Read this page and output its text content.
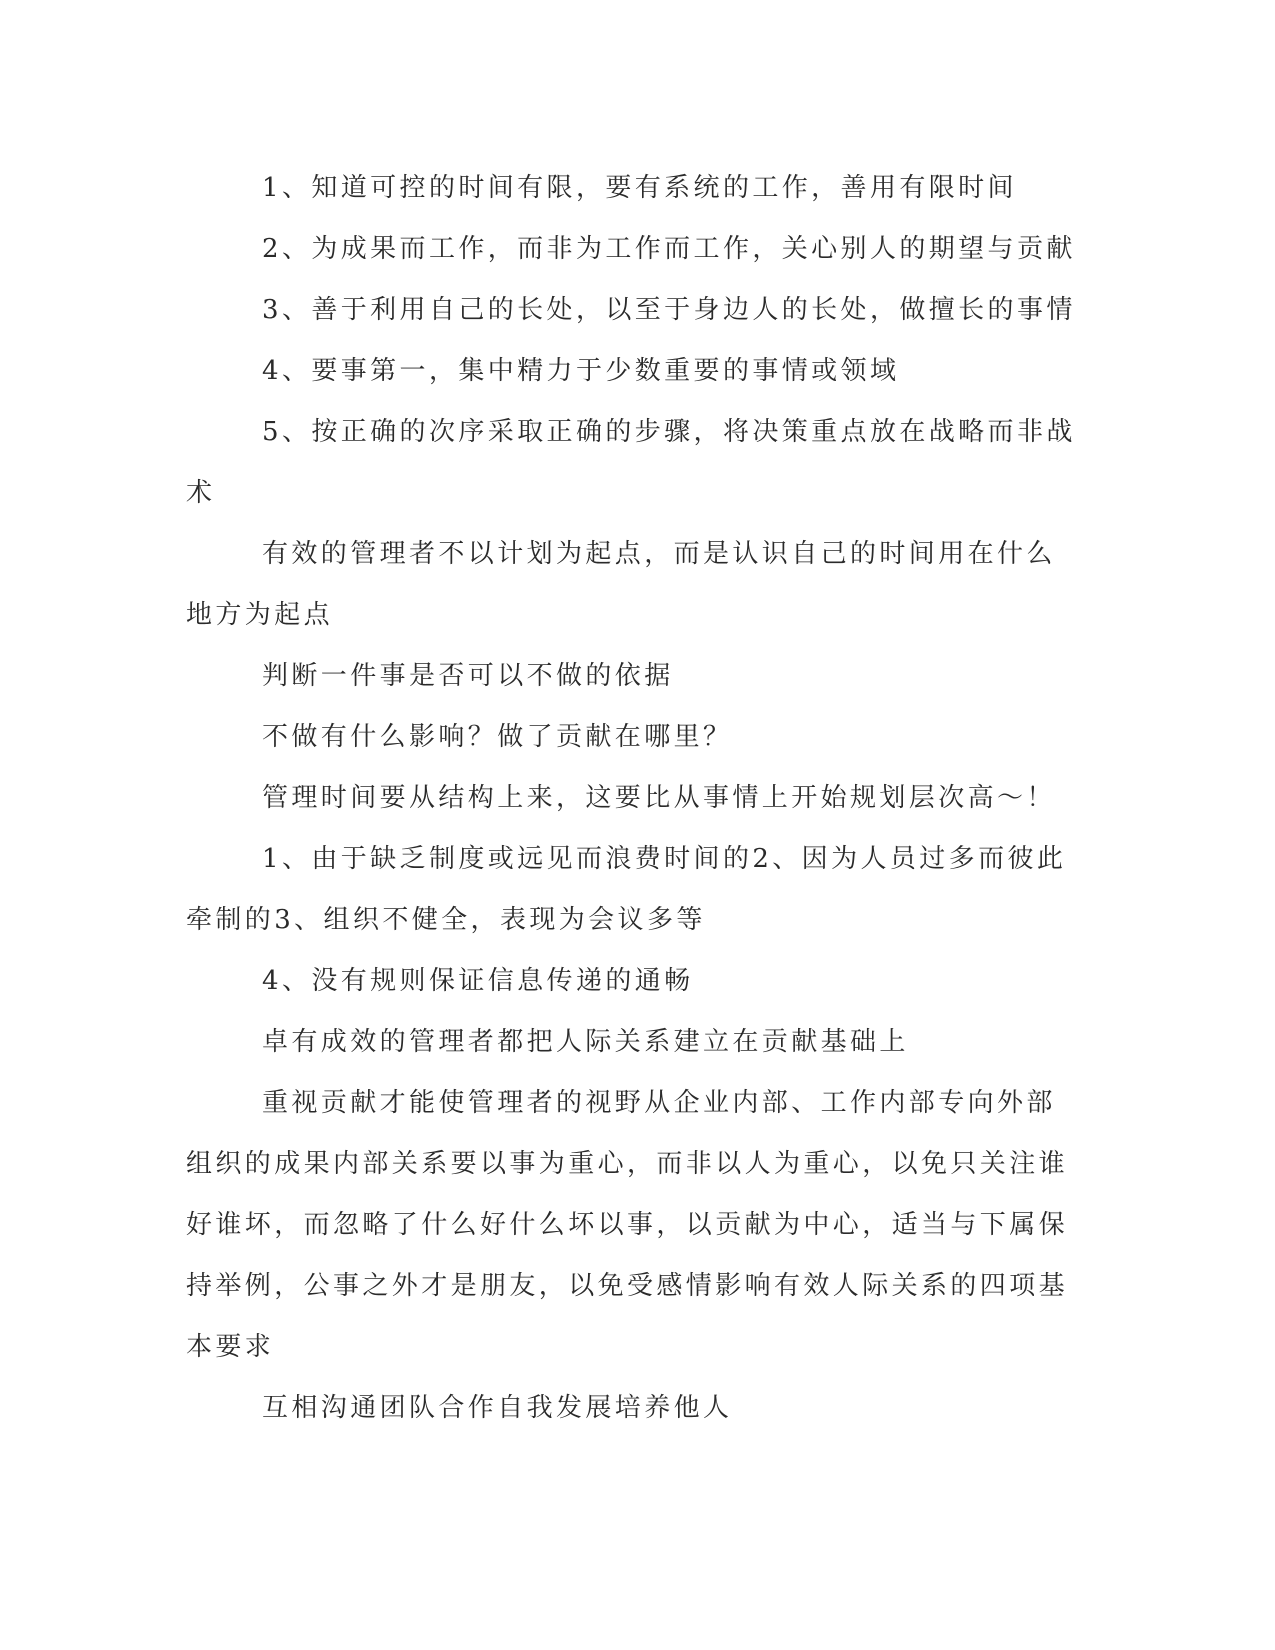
1、知道可控的时间有限，要有系统的工作，善用有限时间

2、为成果而工作，而非为工作而工作，关心别人的期望与贡献

3、善于利用自己的长处，以至于身边人的长处，做擅长的事情

4、要事第一，集中精力于少数重要的事情或领域

5、按正确的次序采取正确的步骤，将决策重点放在战略而非战术

有效的管理者不以计划为起点，而是认识自己的时间用在什么地方为起点

判断一件事是否可以不做的依据

不做有什么影响？做了贡献在哪里？

管理时间要从结构上来，这要比从事情上开始规划层次高～！

1、由于缺乏制度或远见而浪费时间的2、因为人员过多而彼此牵制的3、组织不健全，表现为会议多等

4、没有规则保证信息传递的通畅

卓有成效的管理者都把人际关系建立在贡献基础上

重视贡献才能使管理者的视野从企业内部、工作内部专向外部组织的成果内部关系要以事为重心，而非以人为重心，以免只关注谁好谁坏，而忽略了什么好什么坏以事，以贡献为中心，适当与下属保持举例，公事之外才是朋友，以免受感情影响有效人际关系的四项基本要求

互相沟通团队合作自我发展培养他人
